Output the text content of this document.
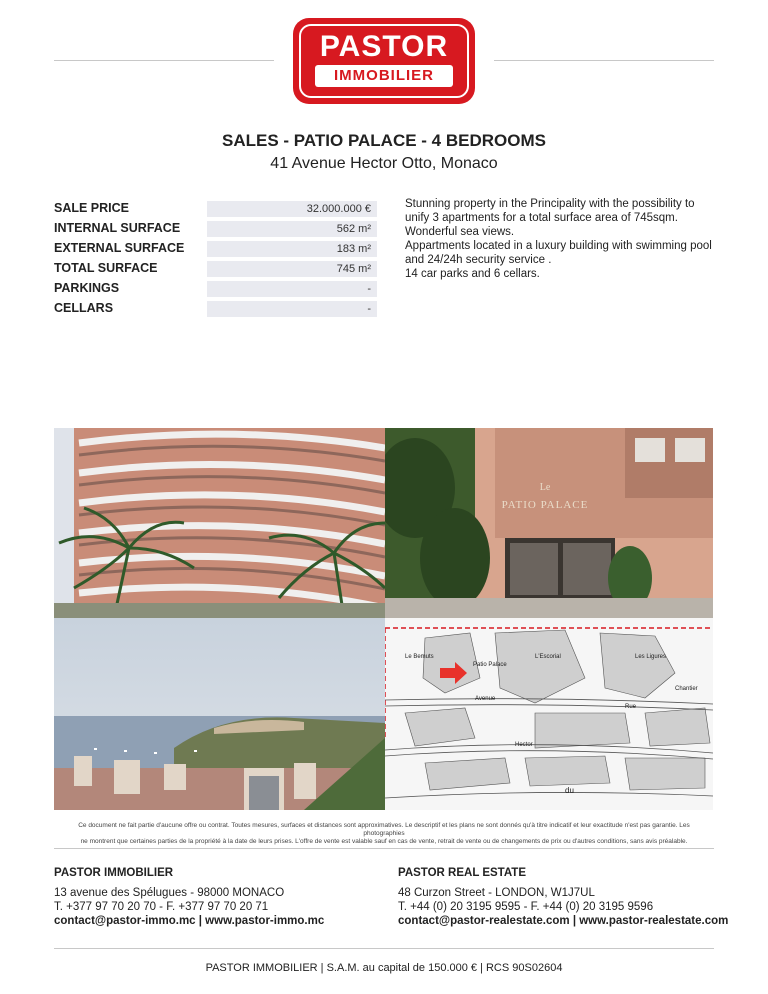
PASTOR
IMMOBILIER
SALES - PATIO PALACE - 4 BEDROOMS
41 Avenue Hector Otto, Monaco
SALE PRICE	32.000.000 €
INTERNAL SURFACE	562 m²
EXTERNAL SURFACE	183 m²
TOTAL SURFACE	745 m²
PARKINGS	-
CELLARS	-
Stunning property in the Principality with the possibility to
unify 3 apartments for a total surface area of 745sqm.
Wonderful sea views.
Appartments located in a luxury building with swimming pool
and 24/24h security service .
14 car parks and 6 cellars.
Le
PATIO PALACE
Le Bemuts
Patio Palace
L'Escorial	Les Ligures
Chantier
Avenue
Hector
Rue
du
Ce document ne fait partie d'aucune offre ou contrat. Toutes mesures, surfaces et distances sont approximatives. Le descriptif et les plans ne sont donnés qu'à titre indicatif et leur exactitude n'est pas garantie. Les photographies
ne montrent que certaines parties de la propriété à la date de leurs prises. L'offre de vente est valable sauf en cas de vente, retrait de vente ou de changements de prix ou d'autres conditions, sans avis préalable.
PASTOR IMMOBILIER
13 avenue des Spélugues - 98000 MONACO
T. +377 97 70 20 70 - F. +377 97 70 20 71
contact@pastor-immo.mc | www.pastor-immo.mc
PASTOR REAL ESTATE
48 Curzon Street - LONDON, W1J7UL
T. +44 (0) 20 3195 9595 - F. +44 (0) 20 3195 9596
contact@pastor-realestate.com | www.pastor-realestate.com
PASTOR IMMOBILIER | S.A.M. au capital de 150.000 € | RCS 90S02604
